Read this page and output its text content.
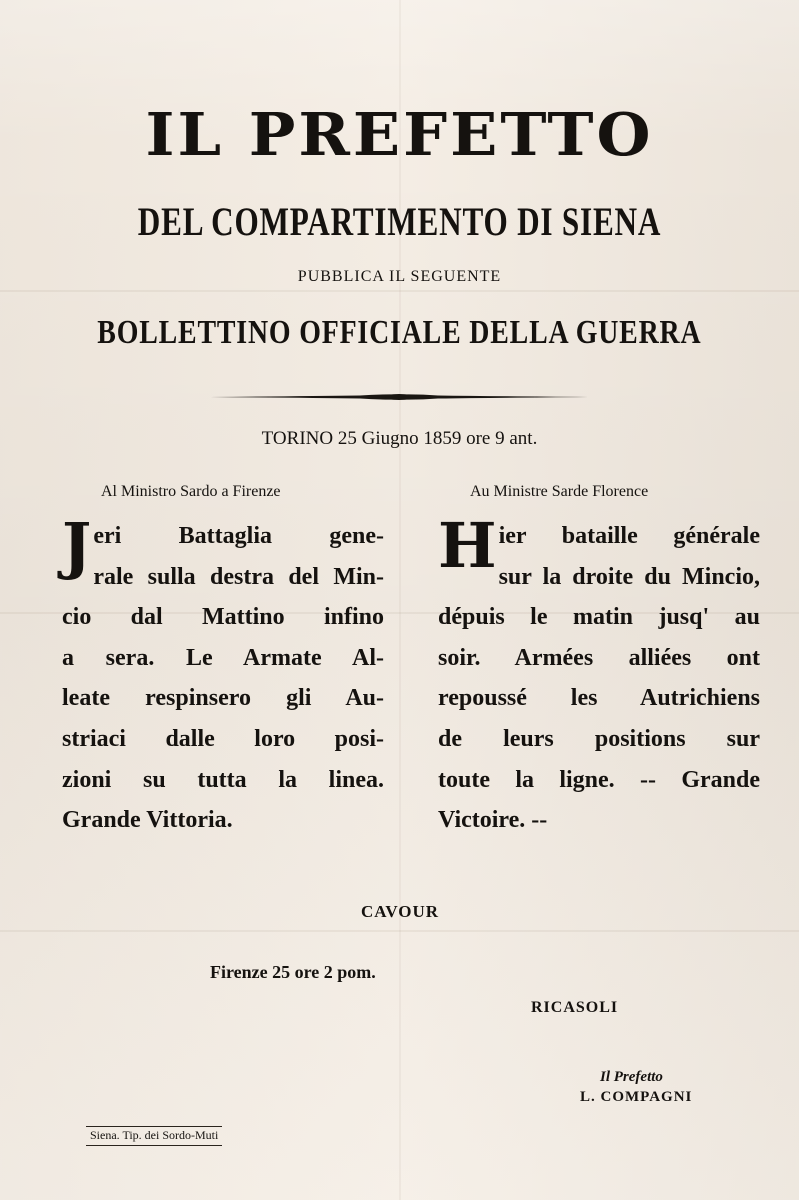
IL PREFETTO
DEL COMPARTIMENTO DI SIENA
PUBBLICA IL SEGUENTE
BOLLETTINO OFFICIALE DELLA GUERRA
TORINO 25 Giugno 1859 ore 9 ant.
Al Ministro Sardo a Firenze	Au Ministre Sarde Florence
J eri Battaglia gene-
rale sulla destra del Min-
cio dal Mattino infino
a sera. Le Armate Al-
leate respinsero gli Au-
striaci dalle loro posi-
zioni su tutta la linea.
Grande Vittoria.
H ier bataille générale
sur la droite du Mincio,
dépuis le matin jusq' au
soir. Armées alliées ont
repoussé les Autrichiens
de leurs positions sur
toute la ligne. -- Grande
Victoire. --
CAVOUR
Firenze 25 ore 2 pom.
RICASOLI
Il Prefetto
L. COMPAGNI
Siena. Tip. dei Sordo-Muti
